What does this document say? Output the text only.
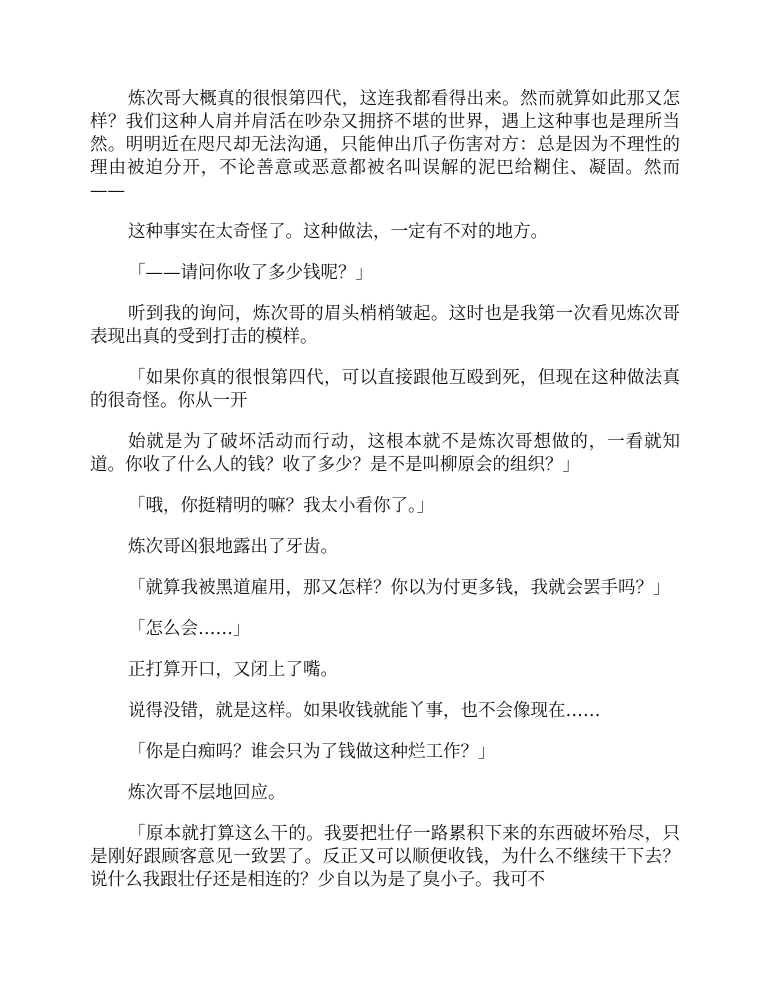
炼次哥大概真的很恨第四代，这连我都看得出来。然而就算如此那又怎样？我们这种人肩并肩活在吵杂又拥挤不堪的世界，遇上这种事也是理所当然。明明近在咫尺却无法沟通，只能伸出爪子伤害对方：总是因为不理性的理由被迫分开，不论善意或恶意都被名叫误解的泥巴给糊住、凝固。然而——

这种事实在太奇怪了。这种做法，一定有不对的地方。

「——请问你收了多少钱呢？」

听到我的询问，炼次哥的眉头梢梢皱起。这时也是我第一次看见炼次哥表现出真的受到打击的模样。

「如果你真的很恨第四代，可以直接跟他互殴到死，但现在这种做法真的很奇怪。你从一开

始就是为了破坏活动而行动，这根本就不是炼次哥想做的，一看就知道。你收了什么人的钱？收了多少？是不是叫柳原会的组织？」

「哦，你挺精明的嘛？我太小看你了。」

炼次哥凶狠地露出了牙齿。

「就算我被黑道雇用，那又怎样？你以为付更多钱，我就会罢手吗？」

「怎么会……」

正打算开口，又闭上了嘴。

说得没错，就是这样。如果收钱就能丫事，也不会像现在……

「你是白痴吗？谁会只为了钱做这种烂工作？」

炼次哥不层地回应。

「原本就打算这么干的。我要把壮仔一路累积下来的东西破坏殆尽，只是刚好跟顾客意见一致罢了。反正又可以顺便收钱，为什么不继续干下去？说什么我跟壮仔还是相连的？少自以为是了臭小子。我可不
